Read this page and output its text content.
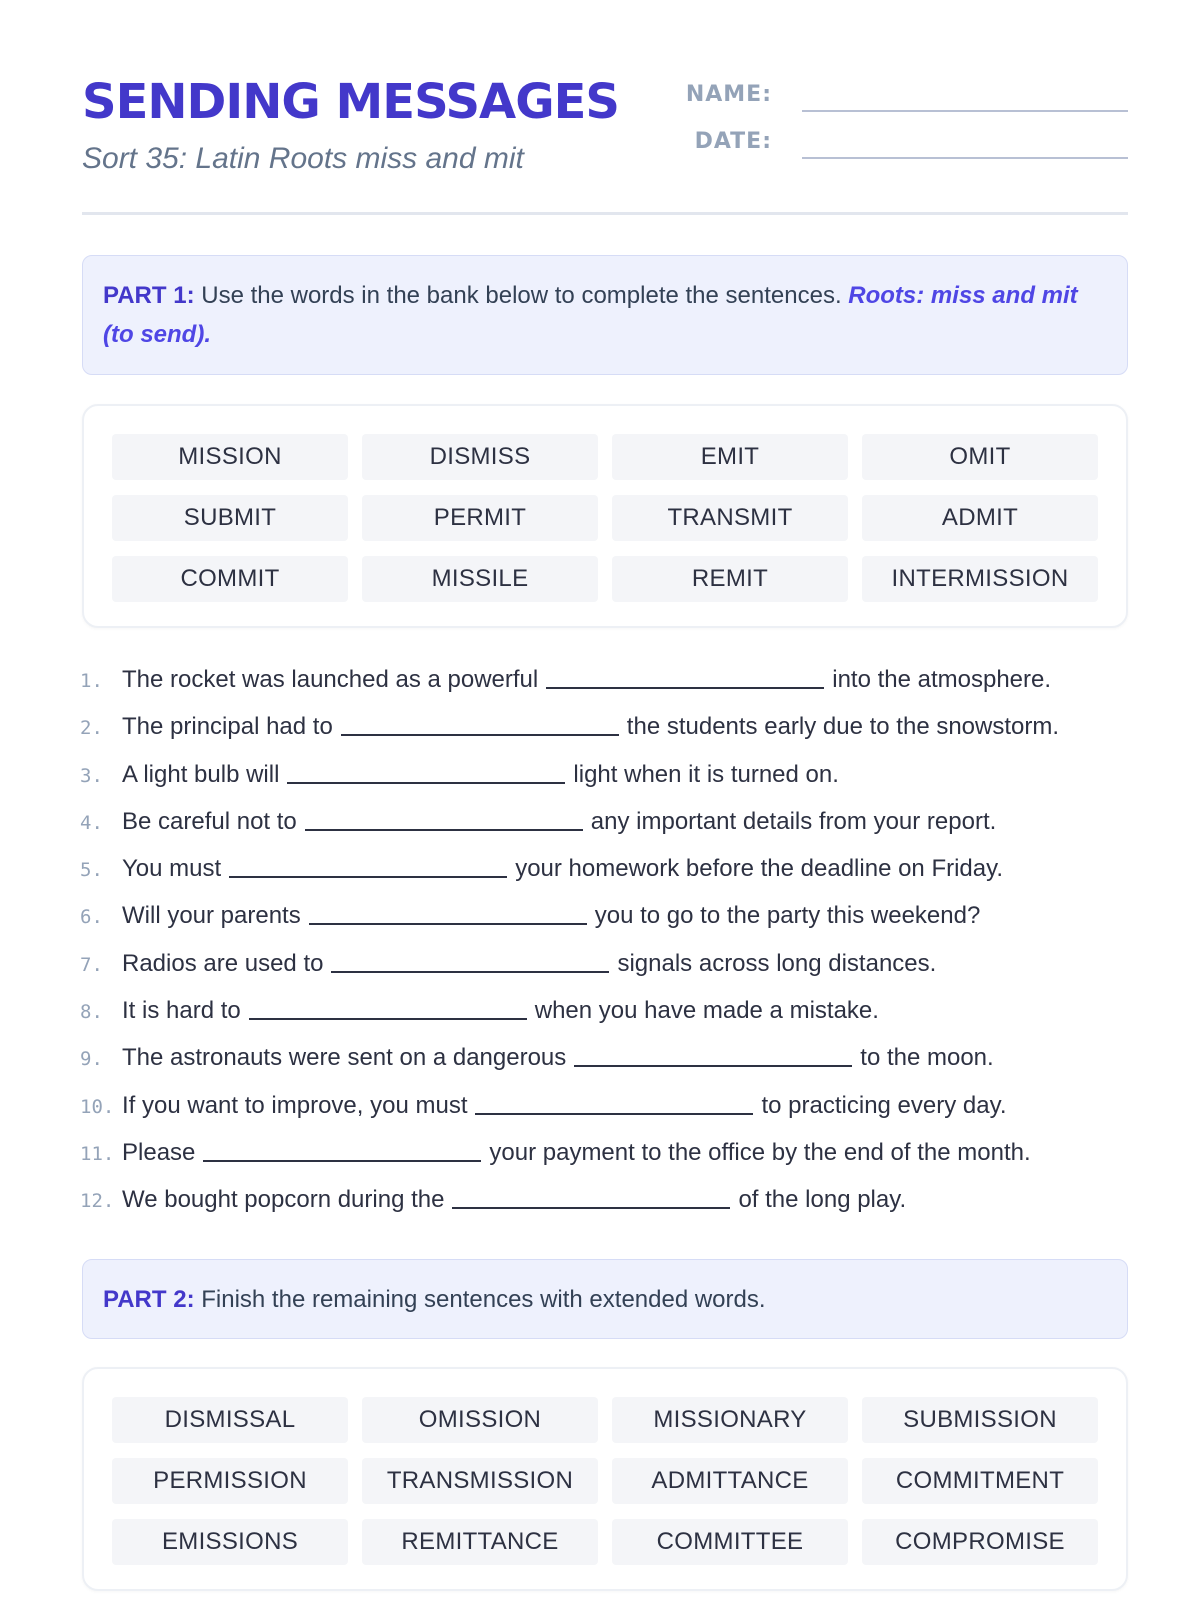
SENDING MESSAGES
Sort 35: Latin Roots miss and mit
NAME:
DATE:
PART 1: Use the words in the bank below to complete the sentences. Roots: miss and mit (to send).
MISSION	DISMISS	EMIT	OMIT
SUBMIT	PERMIT	TRANSMIT	ADMIT
COMMIT	MISSILE	REMIT	INTERMISSION
1. The rocket was launched as a powerful	into the atmosphere.
2. The principal had to	the students early due to the snowstorm.
3. A light bulb will	light when it is turned on.
4. Be careful not to	any important details from your report.
5. You must	your homework before the deadline on Friday.
6. Will your parents	you to go to the party this weekend?
7. Radios are used to	signals across long distances.
8. It is hard to	when you have made a mistake.
9. The astronauts were sent on a dangerous	to the moon.
10. If you want to improve, you must	to practicing every day.
11. Please	your payment to the office by the end of the month.
12. We bought popcorn during the	of the long play.
PART 2: Finish the remaining sentences with extended words.
DISMISSAL	OMISSION	MISSIONARY	SUBMISSION
PERMISSION	TRANSMISSION	ADMITTANCE	COMMITMENT
EMISSIONS	REMITTANCE	COMMITTEE	COMPROMISE
